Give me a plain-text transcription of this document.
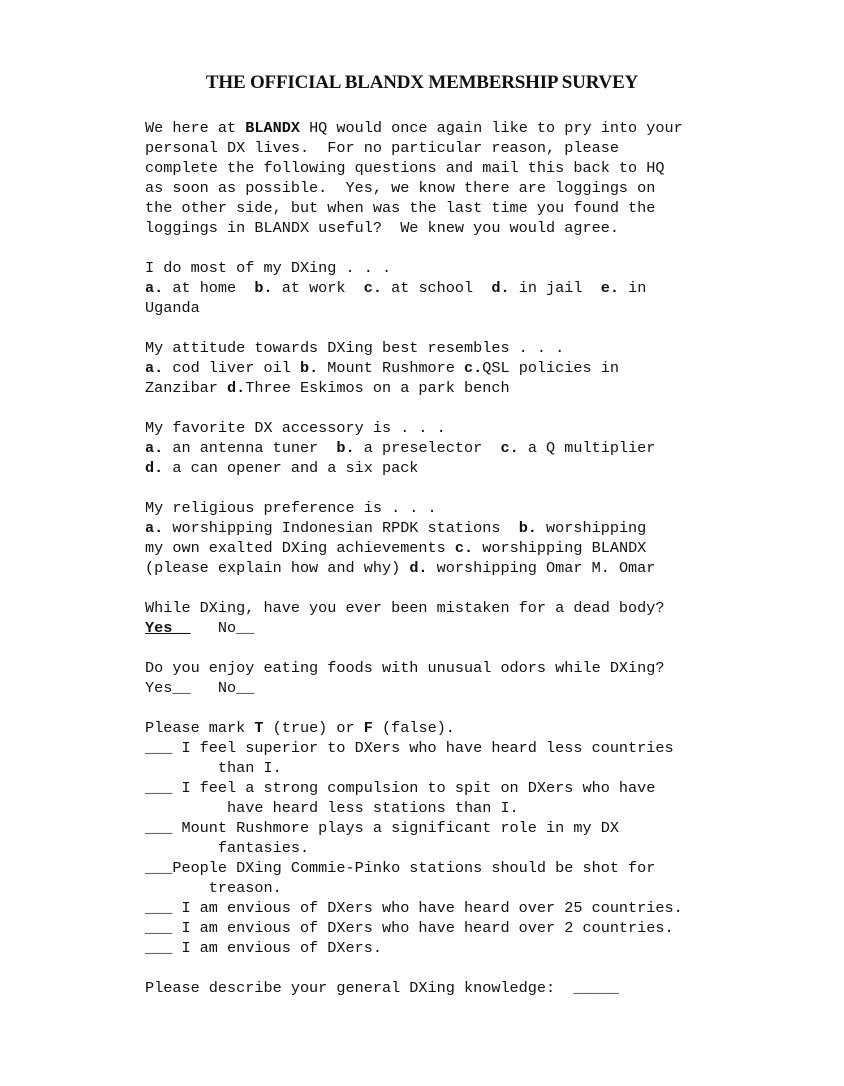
THE OFFICIAL BLANDX MEMBERSHIP SURVEY
We here at BLANDX HQ would once again like to pry into your
personal DX lives.  For no particular reason, please
complete the following questions and mail this back to HQ
as soon as possible.  Yes, we know there are loggings on
the other side, but when was the last time you found the
loggings in BLANDX useful?  We knew you would agree.
I do most of my DXing . . .
a. at home  b. at work  c. at school  d. in jail  e. in
Uganda
My attitude towards DXing best resembles . . .
a. cod liver oil b. Mount Rushmore c.QSL policies in
Zanzibar d.Three Eskimos on a park bench
My favorite DX accessory is . . .
a. an antenna tuner  b. a preselector  c. a Q multiplier
d. a can opener and a six pack
My religious preference is . . .
a. worshipping Indonesian RPDK stations  b. worshipping
my own exalted DXing achievements c. worshipping BLANDX
(please explain how and why) d. worshipping Omar M. Omar
While DXing, have you ever been mistaken for a dead body?
Yes__   No__
Do you enjoy eating foods with unusual odors while DXing?
Yes__   No__
Please mark T (true) or F (false).
___ I feel superior to DXers who have heard less countries
than I.
___ I feel a strong compulsion to spit on DXers who have
have heard less stations than I.
___ Mount Rushmore plays a significant role in my DX
fantasies.
___People DXing Commie-Pinko stations should be shot for
treason.
___ I am envious of DXers who have heard over 25 countries.
___ I am envious of DXers who have heard over 2 countries.
___ I am envious of DXers.
Please describe your general DXing knowledge:  _____
